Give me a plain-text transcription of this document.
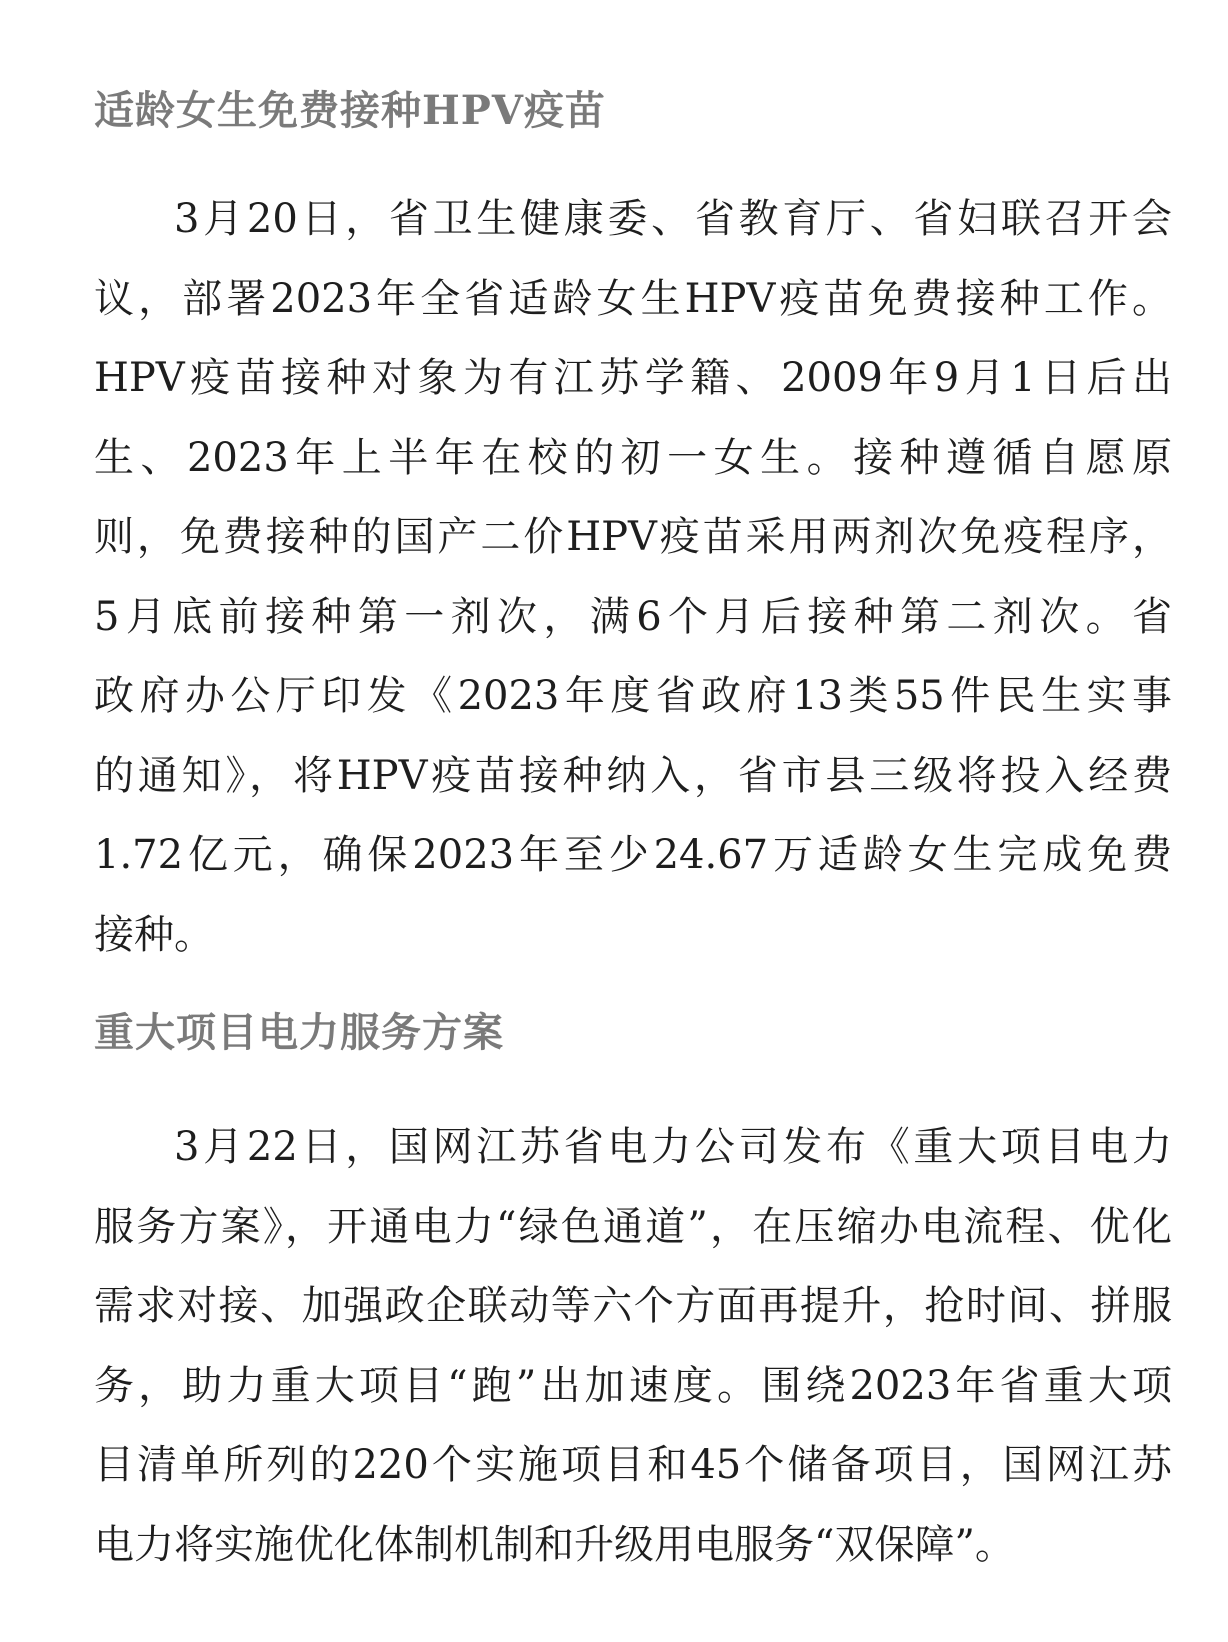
适龄女生免费接种HPV疫苗
3月20日，省卫生健康委、省教育厅、省妇联召开会
议，部署2023年全省适龄女生HPV疫苗免费接种工作。
HPV疫苗接种对象为有江苏学籍、2009年9月1日后出
生、2023年上半年在校的初一女生。接种遵循自愿原
则，免费接种的国产二价HPV疫苗采用两剂次免疫程序，
5月底前接种第一剂次，满6个月后接种第二剂次。省
政府办公厅印发《2023年度省政府13类55件民生实事
的通知》，将HPV疫苗接种纳入，省市县三级将投入经费
1.72亿元，确保2023年至少24.67万适龄女生完成免费
接种。
重大项目电力服务方案
3月22日，国网江苏省电力公司发布《重大项目电力
服务方案》，开通电力“绿色通道”，在压缩办电流程、优化
需求对接、加强政企联动等六个方面再提升，抢时间、拼服
务，助力重大项目“跑”出加速度。围绕2023年省重大项
目清单所列的220个实施项目和45个储备项目，国网江苏
电力将实施优化体制机制和升级用电服务“双保障”。
